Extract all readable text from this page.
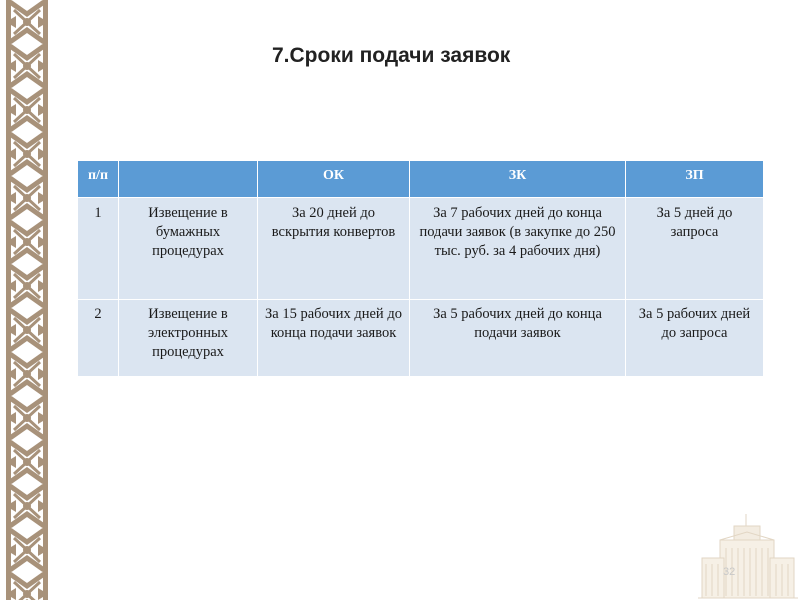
7.Сроки подачи заявок
п/п		ОК	ЗК	ЗП
1	Извещение в бумажных процедурах	За 20 дней до вскрытия конвертов	За 7 рабочих дней до конца подачи заявок (в закупке до 250 тыс. руб. за 4 рабочих дня)	За 5 дней до запроса
2	Извещение в электронных процедурах	За 15 рабочих дней до конца подачи заявок	За 5 рабочих дней до конца подачи заявок	За 5 рабочих дней до запроса
32
